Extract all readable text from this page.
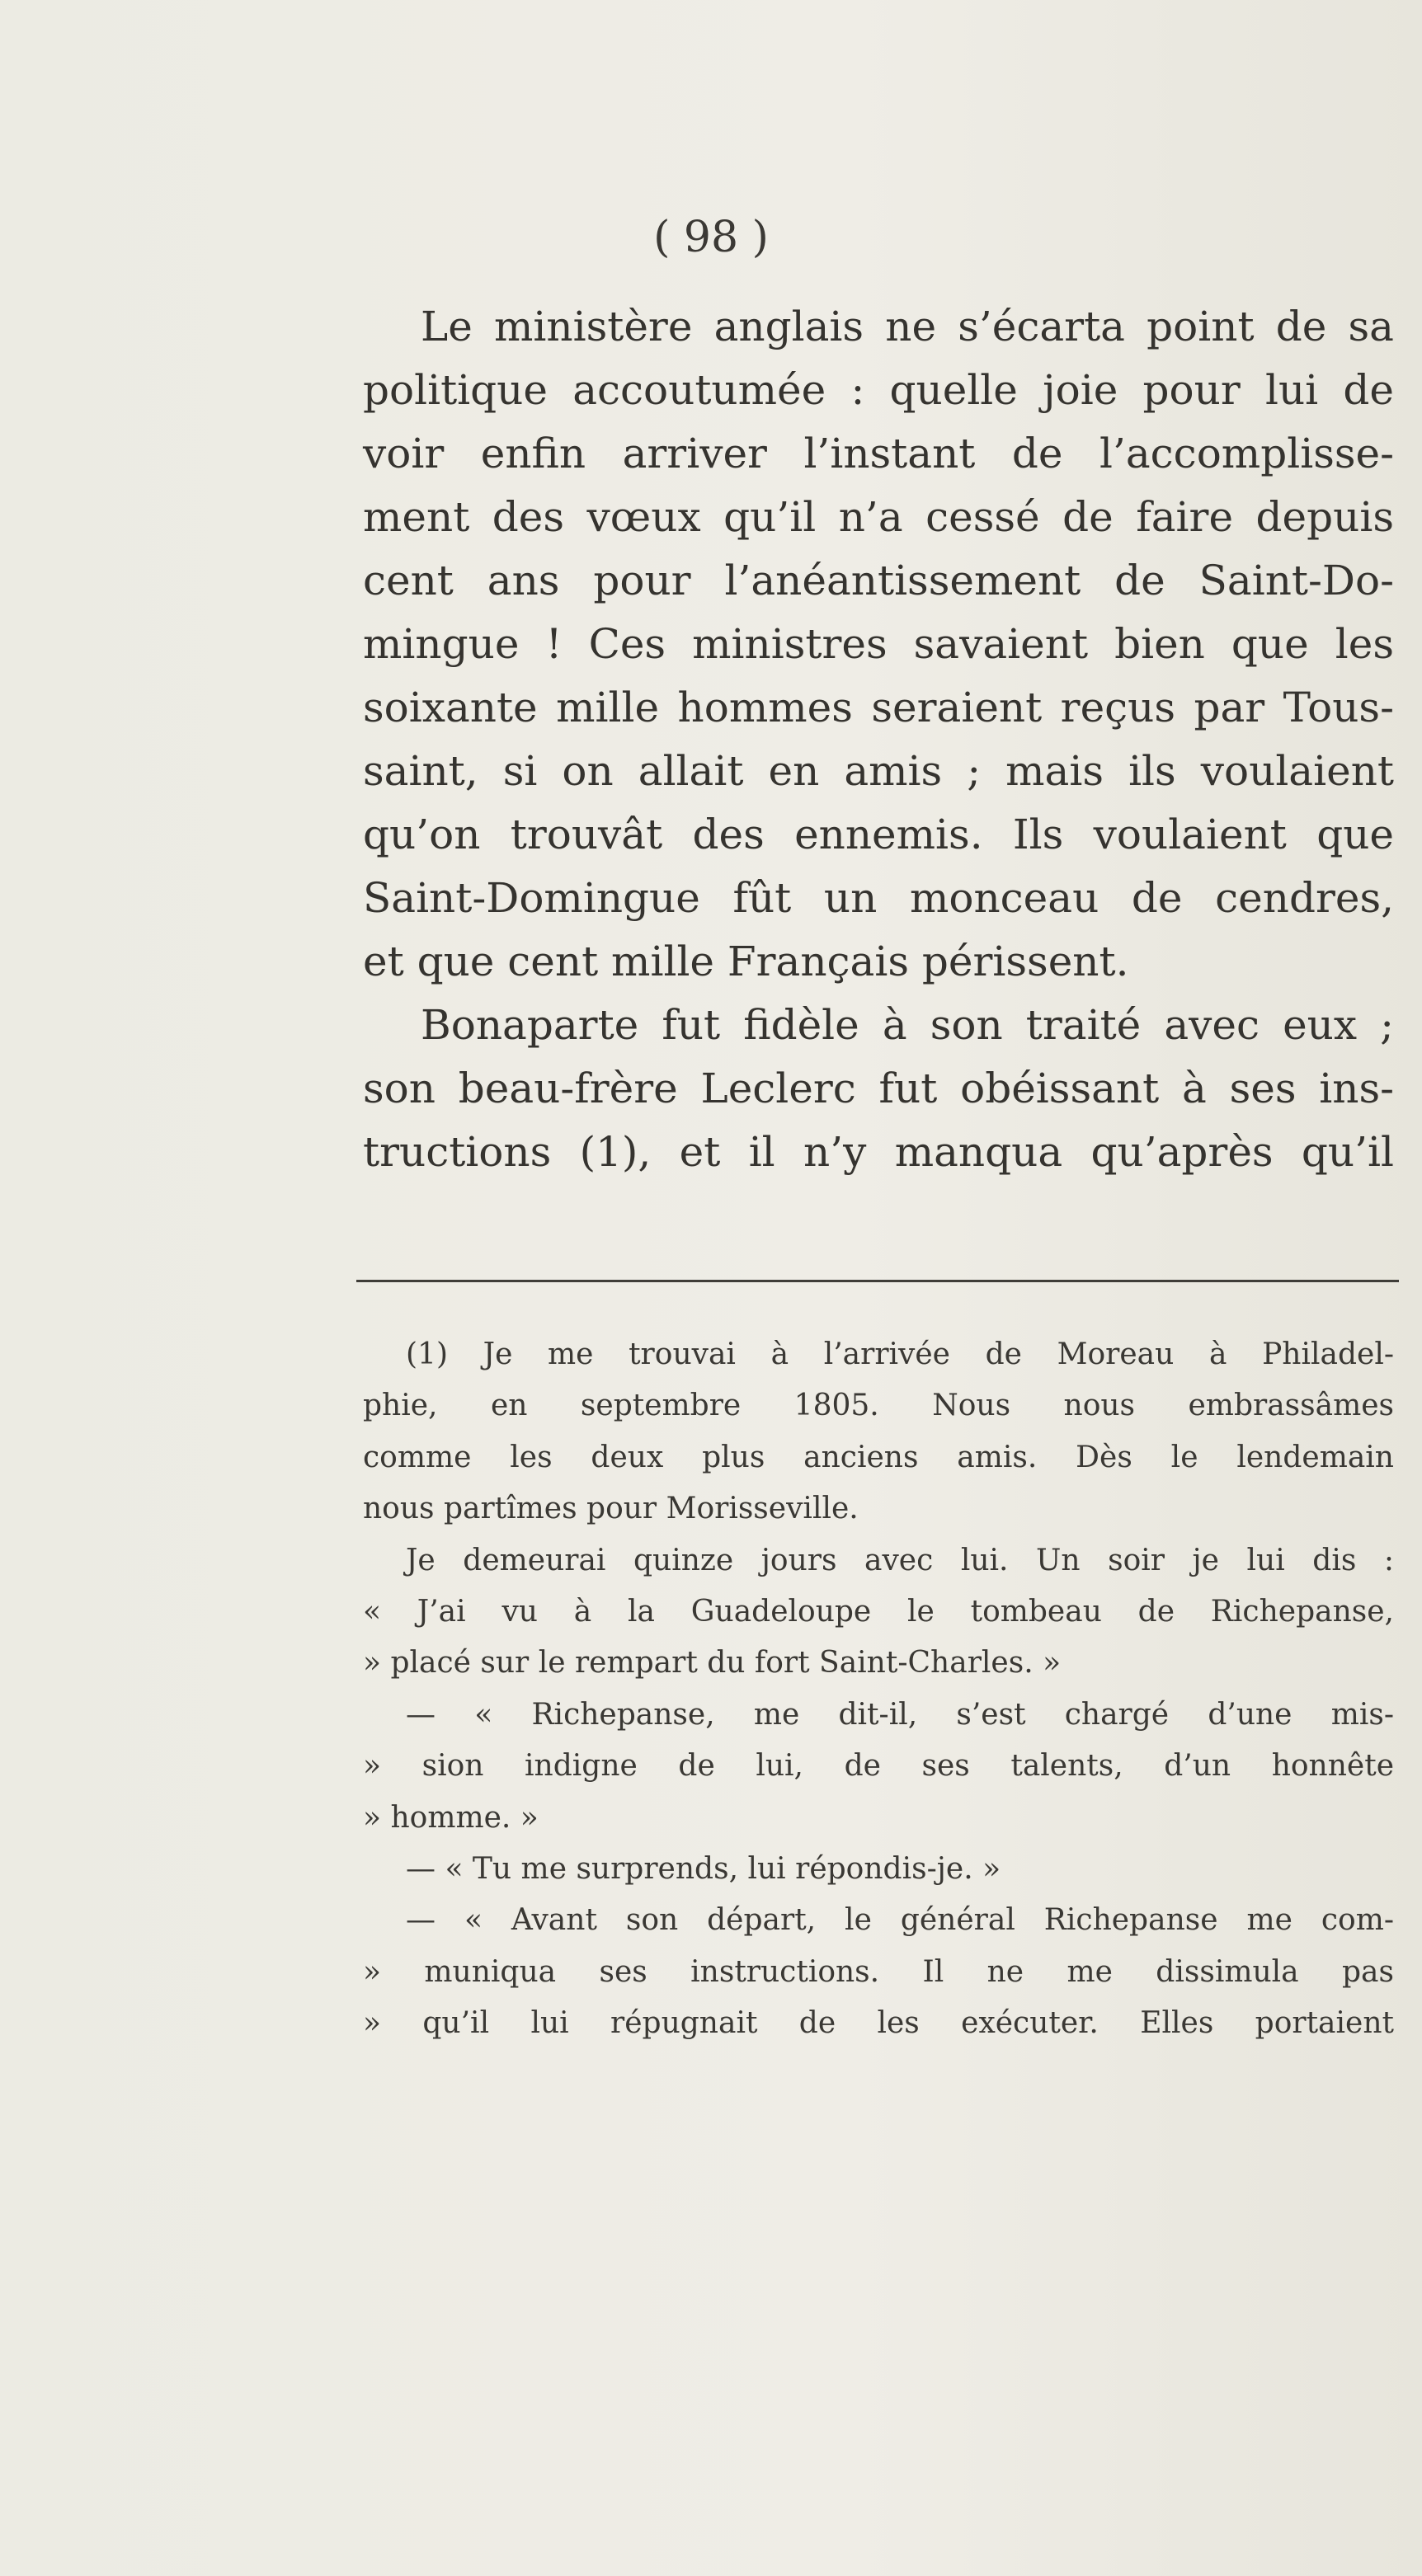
( 98 )
Le ministère anglais ne s’écarta point de sa
politique accoutumée : quelle joie pour lui de
voir enfin arriver l’instant de l’accomplisse-
ment des vœux qu’il n’a cessé de faire depuis
cent ans pour l’anéantissement de Saint-Do-
mingue ! Ces ministres savaient bien que les
soixante mille hommes seraient reçus par Tous-
saint, si on allait en amis ; mais ils voulaient
qu’on trouvât des ennemis. Ils voulaient que
Saint-Domingue fût un monceau de cendres,
et que cent mille Français périssent.
Bonaparte fut fidèle à son traité avec eux ;
son beau-frère Leclerc fut obéissant à ses ins-
tructions (1), et il n’y manqua qu’après qu’il
(1) Je me trouvai à l’arrivée de Moreau à Philadel-
phie, en septembre 1805. Nous nous embrassâmes
comme les deux plus anciens amis. Dès le lendemain
nous partîmes pour Morisseville.
Je demeurai quinze jours avec lui. Un soir je lui dis :
« J’ai vu à la Guadeloupe le tombeau de Richepanse,
» placé sur le rempart du fort Saint-Charles. »
— « Richepanse, me dit-il, s’est chargé d’une mis-
» sion indigne de lui, de ses talents, d’un honnête
» homme. »
— « Tu me surprends, lui répondis-je. »
— « Avant son départ, le général Richepanse me com-
» muniqua ses instructions. Il ne me dissimula pas
» qu’il lui répugnait de les exécuter. Elles portaient
